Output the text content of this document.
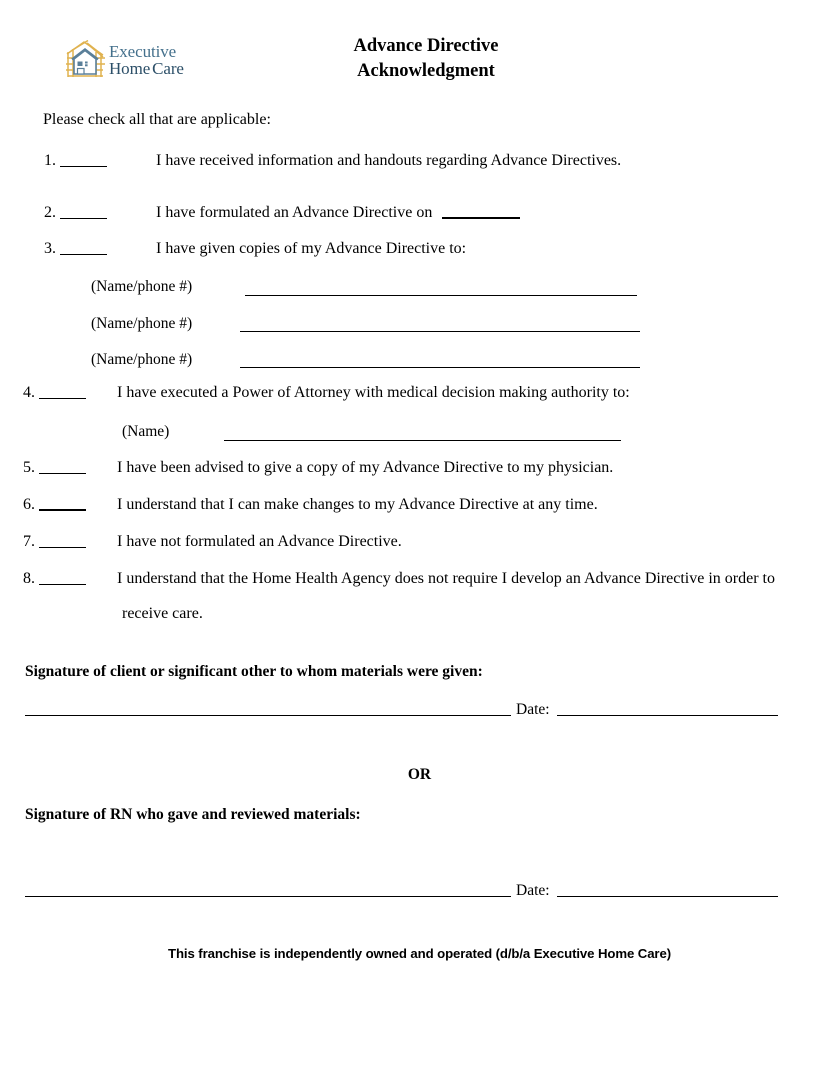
Executive
Home Care
Advance Directive
Acknowledgment
Please check all that are applicable:
1.	I have received information and handouts regarding Advance Directives.
2.	I have formulated an Advance Directive on
3.	I have given copies of my Advance Directive to:
(Name/phone #)
(Name/phone #)
(Name/phone #)
4.	I have executed a Power of Attorney with medical decision making authority to:
(Name)
5.	I have been advised to give a copy of my Advance Directive to my physician.
6.	I understand that I can make changes to my Advance Directive at any time.
7.	I have not formulated an Advance Directive.
8.	I understand that the Home Health Agency does not require I develop an Advance Directive in order to
receive care.
Signature of client or significant other to whom materials were given:
Date:
OR
Signature of RN who gave and reviewed materials:
Date:
This franchise is independently owned and operated (d/b/a Executive Home Care)
